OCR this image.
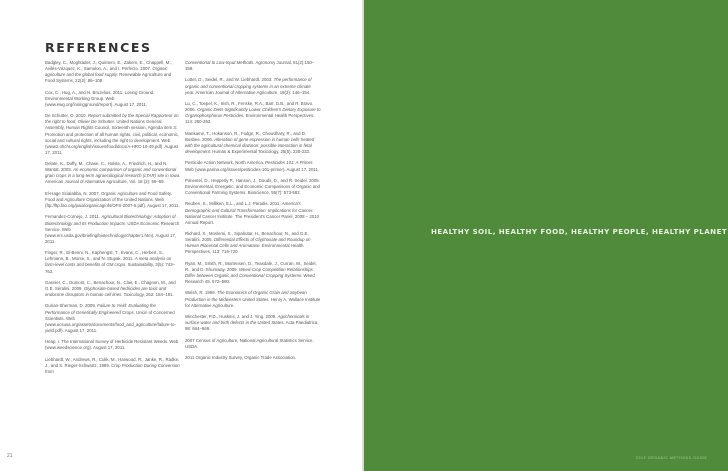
REFERENCES

Badgley, C., Moghtader, J., Quintero, E., Zakem, E., Chappell, M., Avilés-Vázquez, K., Samulon, A., and I. Perfecto. 2007. Organic agriculture and the global food supply. Renewable Agriculture and Food Systems, 22(2): 86–108.

Cox, C., Hug, A., and N. Bruzelius. 2011. Losing Ground. Environmental Working Group. Web (www.ewg.org/losingground/report). August 17, 2011.

De Schutter, O. 2010. Report submitted by the Special Rapporteur on the right to food, Olivier De Schutter. United Nations General Assembly, Human Rights Council, Sixteenth session, Agenda item 3: Promotion and protection of all human rights, civil, political, economic, social and cultural rights, including the right to development. Web (www2.ohchr.org/english/issues/food/docs/A-HRC-16-49.pdf). August 17, 2011.

Delate, K., Duffy, M., Chase, C., Holste, A., Friedrich, H., and N. Wantat. 2003. An economic comparison of organic and conventional grain crops in a long-term agroecological research (LTAR) site in Iowa. American Journal of Alternative Agriculture, Vol. 18 (2): 59–69.

El-Hage Scialabba, N. 2007. Organic Agriculture and Food Safety. Food and Agriculture Organization of the United Nations. Web (ftp://ftp.fao.org/paia/organicag/ofs/OFS-2007-5.pdf). August 17, 2011.

Fernandez-Cornejo, J. 2011. Agricultural Biotechnology: Adoption of Biotechnology and Its Production Impacts. USDA Economic Research Service. Web (www.ers.usda.gov/briefing/biotechnology/chapter1.htm). August 17, 2011.

Finger, R., El-Benni, N., Kaphengst, T., Evans, C., Herbert, S., Lehmann, B., Morse, S., and N. Stupak. 2011. A meta analysis on farm-level costs and benefits of GM crops. Sustainability, 3(5): 743–762.

Gasnier, C., Dumont, C., Benachour, N., Clair, E., Chagnon, M., and G.E. Séralini. 2009. Glyphosate-based herbicides are toxic and endocrine disruptors in human cell lines. Toxicology, 262: 184–191.

Gurian-Sherman, D. 2009. Failure to Yield: Evaluating the Performance of Genetically Engineered Crops. Union of Concerned Scientists. Web (www.ucsusa.org/assets/documents/food_and_agriculture/failure-to-yield.pdf). August 17, 2011.

Heap, I. The International Survey of Herbicide Resistant Weeds. Web (www.weedscience.org). August 17, 2011.

Liebhardt, W., Andrews, R., Culik, M., Harwood, R., Janke, R., Radke, J., and S. Rieger-Schwartz. 1989. Crop Production During Conversion from

Conventional to Low-Input Methods. Agronomy Journal, 81(2):150–159.

Lotter, D., Seidel, R., and W. Liebhardt. 2003. The performance of organic and conventional cropping systems in an extreme climate year. American Journal of Alternative Agriculture, 18(3): 146–154.

Lu, C., Toepel, K., Irish, R., Fenske, R.A., Barr, D.B., and R. Bravo. 2006. Organic Diets Significantly Lower Children's Dietary Exposure to Organophosphorus Pesticides. Environmental Health Perspectives, 114: 260-263.

Mankame, T., Hokanson, R., Fudge, R., Chowdhary, R., and D. Busbee. 2006. Alteration of gene expression in human cells treated with the agricultural chemical diazinon: possible interaction in fetal development. Human & Experimental Toxicology, 25(5): 225-233.

Pesticide Action Network, North America. Pesticides 101: A Primer. Web (www.panna.org/issues/pesticides-101-primer). August 17, 2011.

Pimentel, D., Hepperly P., Hanson, J., Douds, D., and R. Seidel. 2005. Environmental, Energetic, and Economic Comparisons of Organic and Conventional Farming Systems. Bioscience, 55(7): 573-582.

Reuben, S., Milliken, E.L., and L.J. Paradis. 2011. America's Demographic and Cultural Transformation: Implications for Cancer. National Cancer Institute. The President's Cancer Panel, 2008 – 2010 Annual Report.

Richard, S., Moslemi, S., Sipahutar, H., Benachour, N., and G.E. Seralini. 2005. Differential Effects of Glyphosate and Roundup on Human Placental Cells and Aromatase. Environmental Health Perspectives, 113: 716-720.

Ryan, M., Smith, R., Mortensen, D., Teasdale, J., Curran, W., Seidel, R., and D. Shumway. 2009. Weed-Crop Competition Relationships Differ between Organic and Conventional Cropping Systems. Weed Research 49, 572–580.

Welsh, R. 1999. The Economics of Organic Grain and Soybean Production in the Midwestern United States. Henry A. Wallace Institute for Alternative Agriculture.

Winchester, P.D., Huskins, J. and J. Ying. 2009. Agrichemicals in surface water and birth defects in the United States. Acta Paediatrica, 98: 664–669.

2007 Census of Agriculture, National Agricultural Statistics Service, USDA.

2011 Organic Industry Survey, Organic Trade Association.

21
HEALTHY SOIL, HEALTHY FOOD, HEALTHY PEOPLE, HEALTHY PLANET
2012 ORGANIC METHODS GUIDE
